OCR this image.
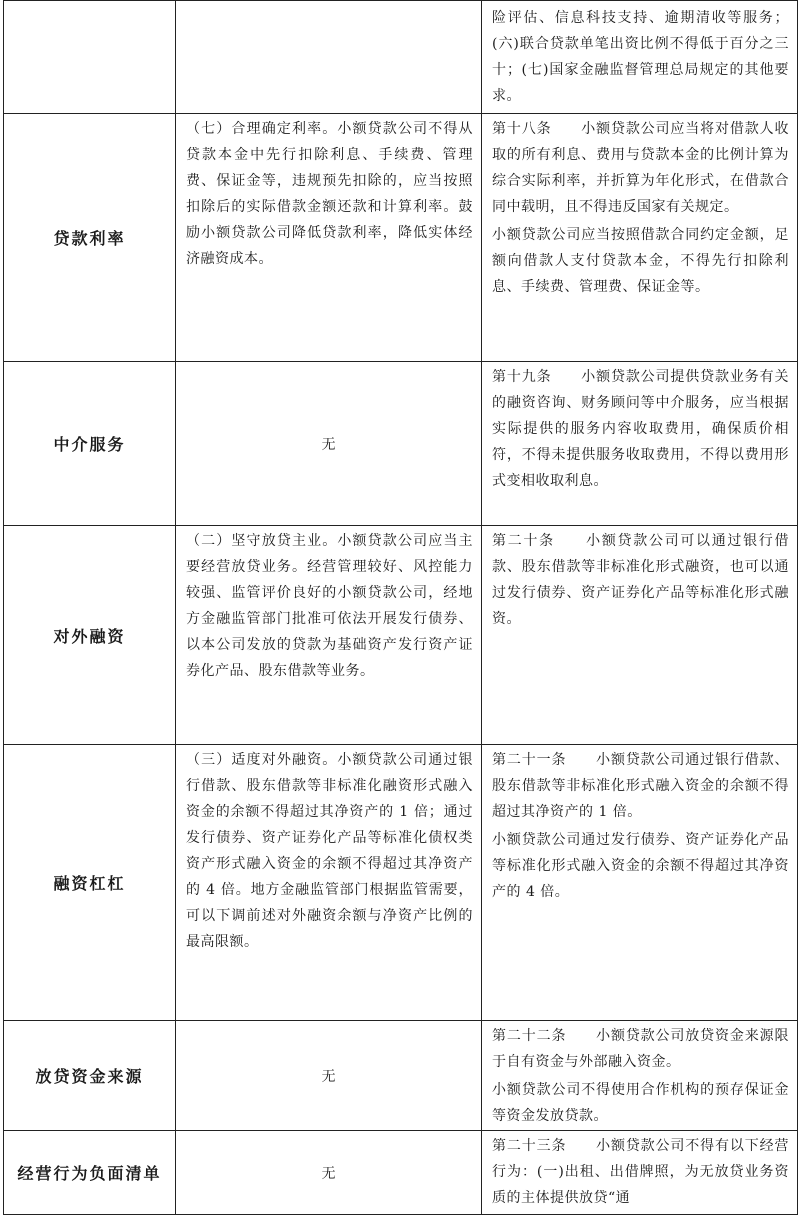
		险评估、信息科技支持、逾期清收等服务；(六)联合贷款单笔出资比例不得低于百分之三十；(七)国家金融监督管理总局规定的其他要求。

贷款利率	（七）合理确定利率。小额贷款公司不得从贷款本金中先行扣除利息、手续费、管理费、保证金等，违规预先扣除的，应当按照扣除后的实际借款金额还款和计算利率。鼓励小额贷款公司降低贷款利率，降低实体经济融资成本。	第十八条　　小额贷款公司应当将对借款人收取的所有利息、费用与贷款本金的比例计算为综合实际利率，并折算为年化形式，在借款合同中载明，且不得违反国家有关规定。

小额贷款公司应当按照借款合同约定金额，足额向借款人支付贷款本金，不得先行扣除利息、手续费、管理费、保证金等。

中介服务	无	第十九条　　小额贷款公司提供贷款业务有关的融资咨询、财务顾问等中介服务，应当根据实际提供的服务内容收取费用，确保质价相符，不得未提供服务收取费用，不得以费用形式变相收取利息。

对外融资	（二）坚守放贷主业。小额贷款公司应当主要经营放贷业务。经营管理较好、风控能力较强、监管评价良好的小额贷款公司，经地方金融监管部门批准可依法开展发行债券、以本公司发放的贷款为基础资产发行资产证券化产品、股东借款等业务。	第二十条　　小额贷款公司可以通过银行借款、股东借款等非标准化形式融资，也可以通过发行债券、资产证券化产品等标准化形式融资。

融资杠杠	（三）适度对外融资。小额贷款公司通过银行借款、股东借款等非标准化融资形式融入资金的余额不得超过其净资产的 1 倍；通过发行债券、资产证券化产品等标准化债权类资产形式融入资金的余额不得超过其净资产的 4 倍。地方金融监管部门根据监管需要，可以下调前述对外融资余额与净资产比例的最高限额。	第二十一条　　小额贷款公司通过银行借款、股东借款等非标准化形式融入资金的余额不得超过其净资产的 1 倍。

小额贷款公司通过发行债券、资产证券化产品等标准化形式融入资金的余额不得超过其净资产的 4 倍。

放贷资金来源	无	第二十二条　　小额贷款公司放贷资金来源限于自有资金与外部融入资金。

小额贷款公司不得使用合作机构的预存保证金等资金发放贷款。

经营行为负面清单	无	第二十三条　　小额贷款公司不得有以下经营行为：(一)出租、出借牌照，为无放贷业务资质的主体提供放贷“通
